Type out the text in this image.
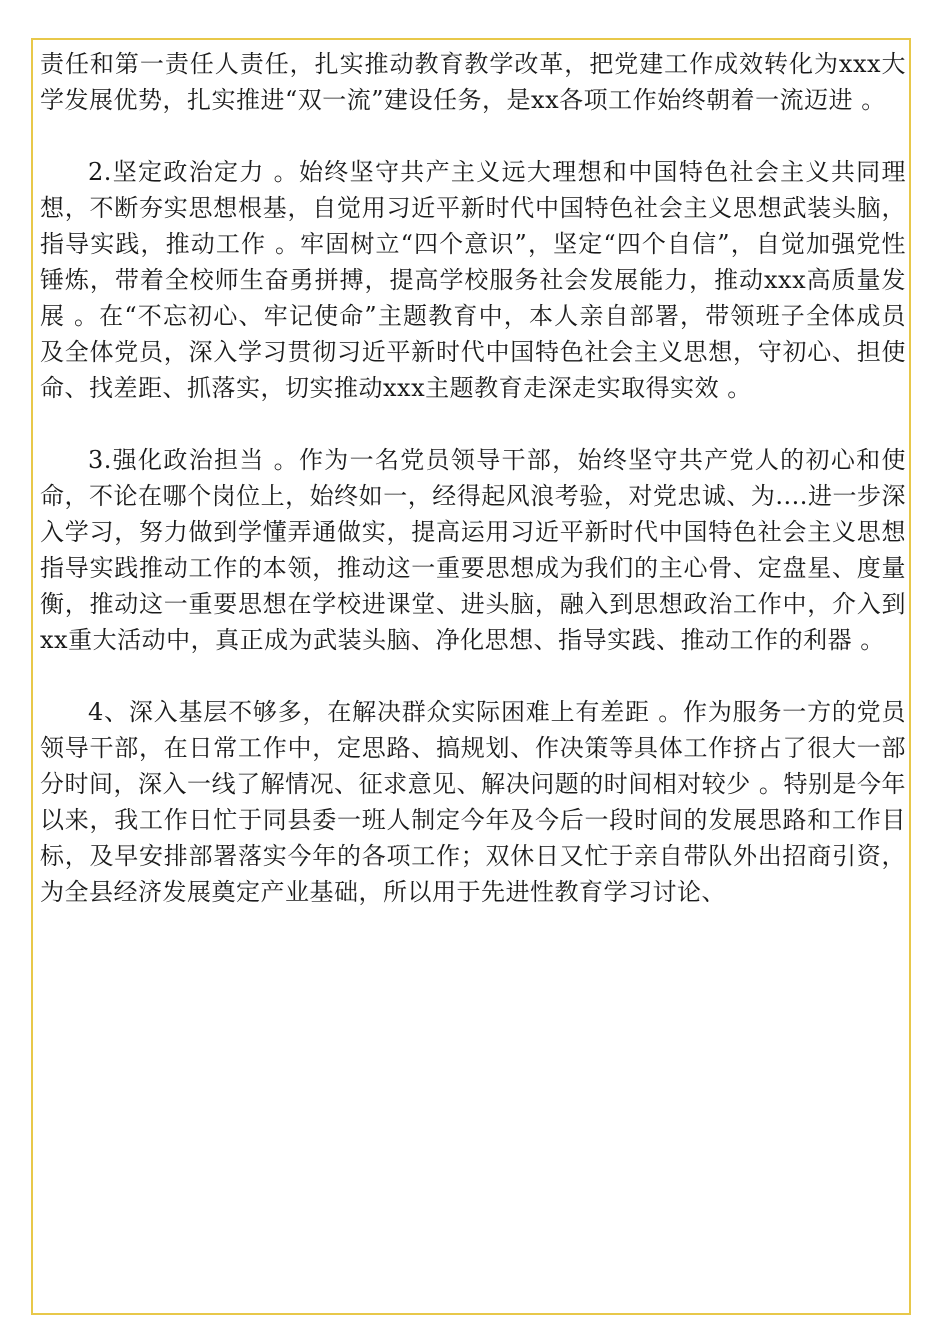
责任和第一责任人责任，扎实推动教育教学改革，把党建工作成效转化为xxx大学发展优势，扎实推进“双一流”建设任务，是xx各项工作始终朝着一流迈进 。

2.坚定政治定力 。始终坚守共产主义远大理想和中国特色社会主义共同理想，不断夯实思想根基，自觉用习近平新时代中国特色社会主义思想武装头脑，指导实践，推动工作 。牢固树立“四个意识”，坚定“四个自信”，自觉加强党性锤炼，带着全校师生奋勇拼搏，提高学校服务社会发展能力，推动xxx高质量发展 。在“不忘初心、牢记使命”主题教育中，本人亲自部署，带领班子全体成员及全体党员，深入学习贯彻习近平新时代中国特色社会主义思想，守初心、担使命、找差距、抓落实，切实推动xxx主题教育走深走实取得实效 。

3.强化政治担当 。作为一名党员领导干部，始终坚守共产党人的初心和使命，不论在哪个岗位上，始终如一，经得起风浪考验，对党忠诚、为....进一步深入学习，努力做到学懂弄通做实，提高运用习近平新时代中国特色社会主义思想指导实践推动工作的本领，推动这一重要思想成为我们的主心骨、定盘星、度量衡，推动这一重要思想在学校进课堂、进头脑，融入到思想政治工作中，介入到xx重大活动中，真正成为武装头脑、净化思想、指导实践、推动工作的利器 。

4、深入基层不够多，在解决群众实际困难上有差距 。作为服务一方的党员领导干部，在日常工作中，定思路、搞规划、作决策等具体工作挤占了很大一部分时间，深入一线了解情况、征求意见、解决问题的时间相对较少 。特别是今年以来，我工作日忙于同县委一班人制定今年及今后一段时间的发展思路和工作目标，及早安排部署落实今年的各项工作；双休日又忙于亲自带队外出招商引资，为全县经济发展奠定产业基础，所以用于先进性教育学习讨论、
